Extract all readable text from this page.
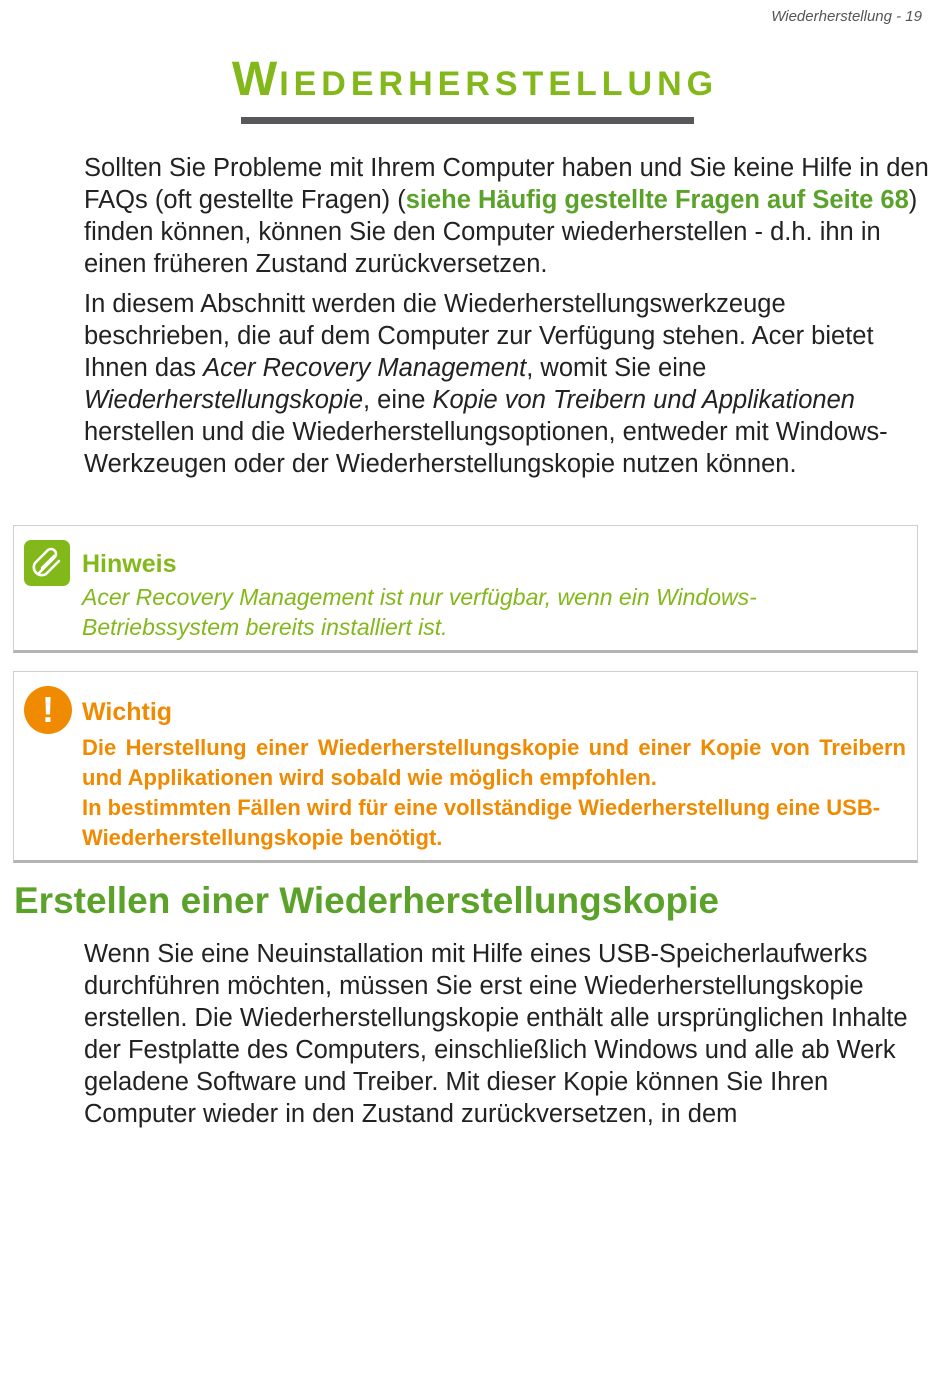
Wiederherstellung - 19
WIEDERHERSTELLUNG

Sollten Sie Probleme mit Ihrem Computer haben und Sie keine Hilfe in den FAQs (oft gestellte Fragen) (siehe Häufig gestellte Fragen auf Seite 68) finden können, können Sie den Computer wiederherstellen - d.h. ihn in einen früheren Zustand zurückversetzen.

In diesem Abschnitt werden die Wiederherstellungswerkzeuge beschrieben, die auf dem Computer zur Verfügung stehen. Acer bietet Ihnen das Acer Recovery Management, womit Sie eine Wiederherstellungskopie, eine Kopie von Treibern und Applikationen herstellen und die Wiederherstellungsoptionen, entweder mit Windows-Werkzeugen oder der Wiederherstellungskopie nutzen können.

Hinweis
Acer Recovery Management ist nur verfügbar, wenn ein Windows-Betriebssystem bereits installiert ist.
!	Wichtig
Die Herstellung einer Wiederherstellungskopie und einer Kopie von Treibern und Applikationen wird sobald wie möglich empfohlen.
In bestimmten Fällen wird für eine vollständige Wiederherstellung eine USB-Wiederherstellungskopie benötigt.
Erstellen einer Wiederherstellungskopie

Wenn Sie eine Neuinstallation mit Hilfe eines USB-Speicherlaufwerks durchführen möchten, müssen Sie erst eine Wiederherstellungskopie erstellen. Die Wiederherstellungskopie enthält alle ursprünglichen Inhalte der Festplatte des Computers, einschließlich Windows und alle ab Werk geladene Software und Treiber. Mit dieser Kopie können Sie Ihren Computer wieder in den Zustand zurückversetzen, in dem
